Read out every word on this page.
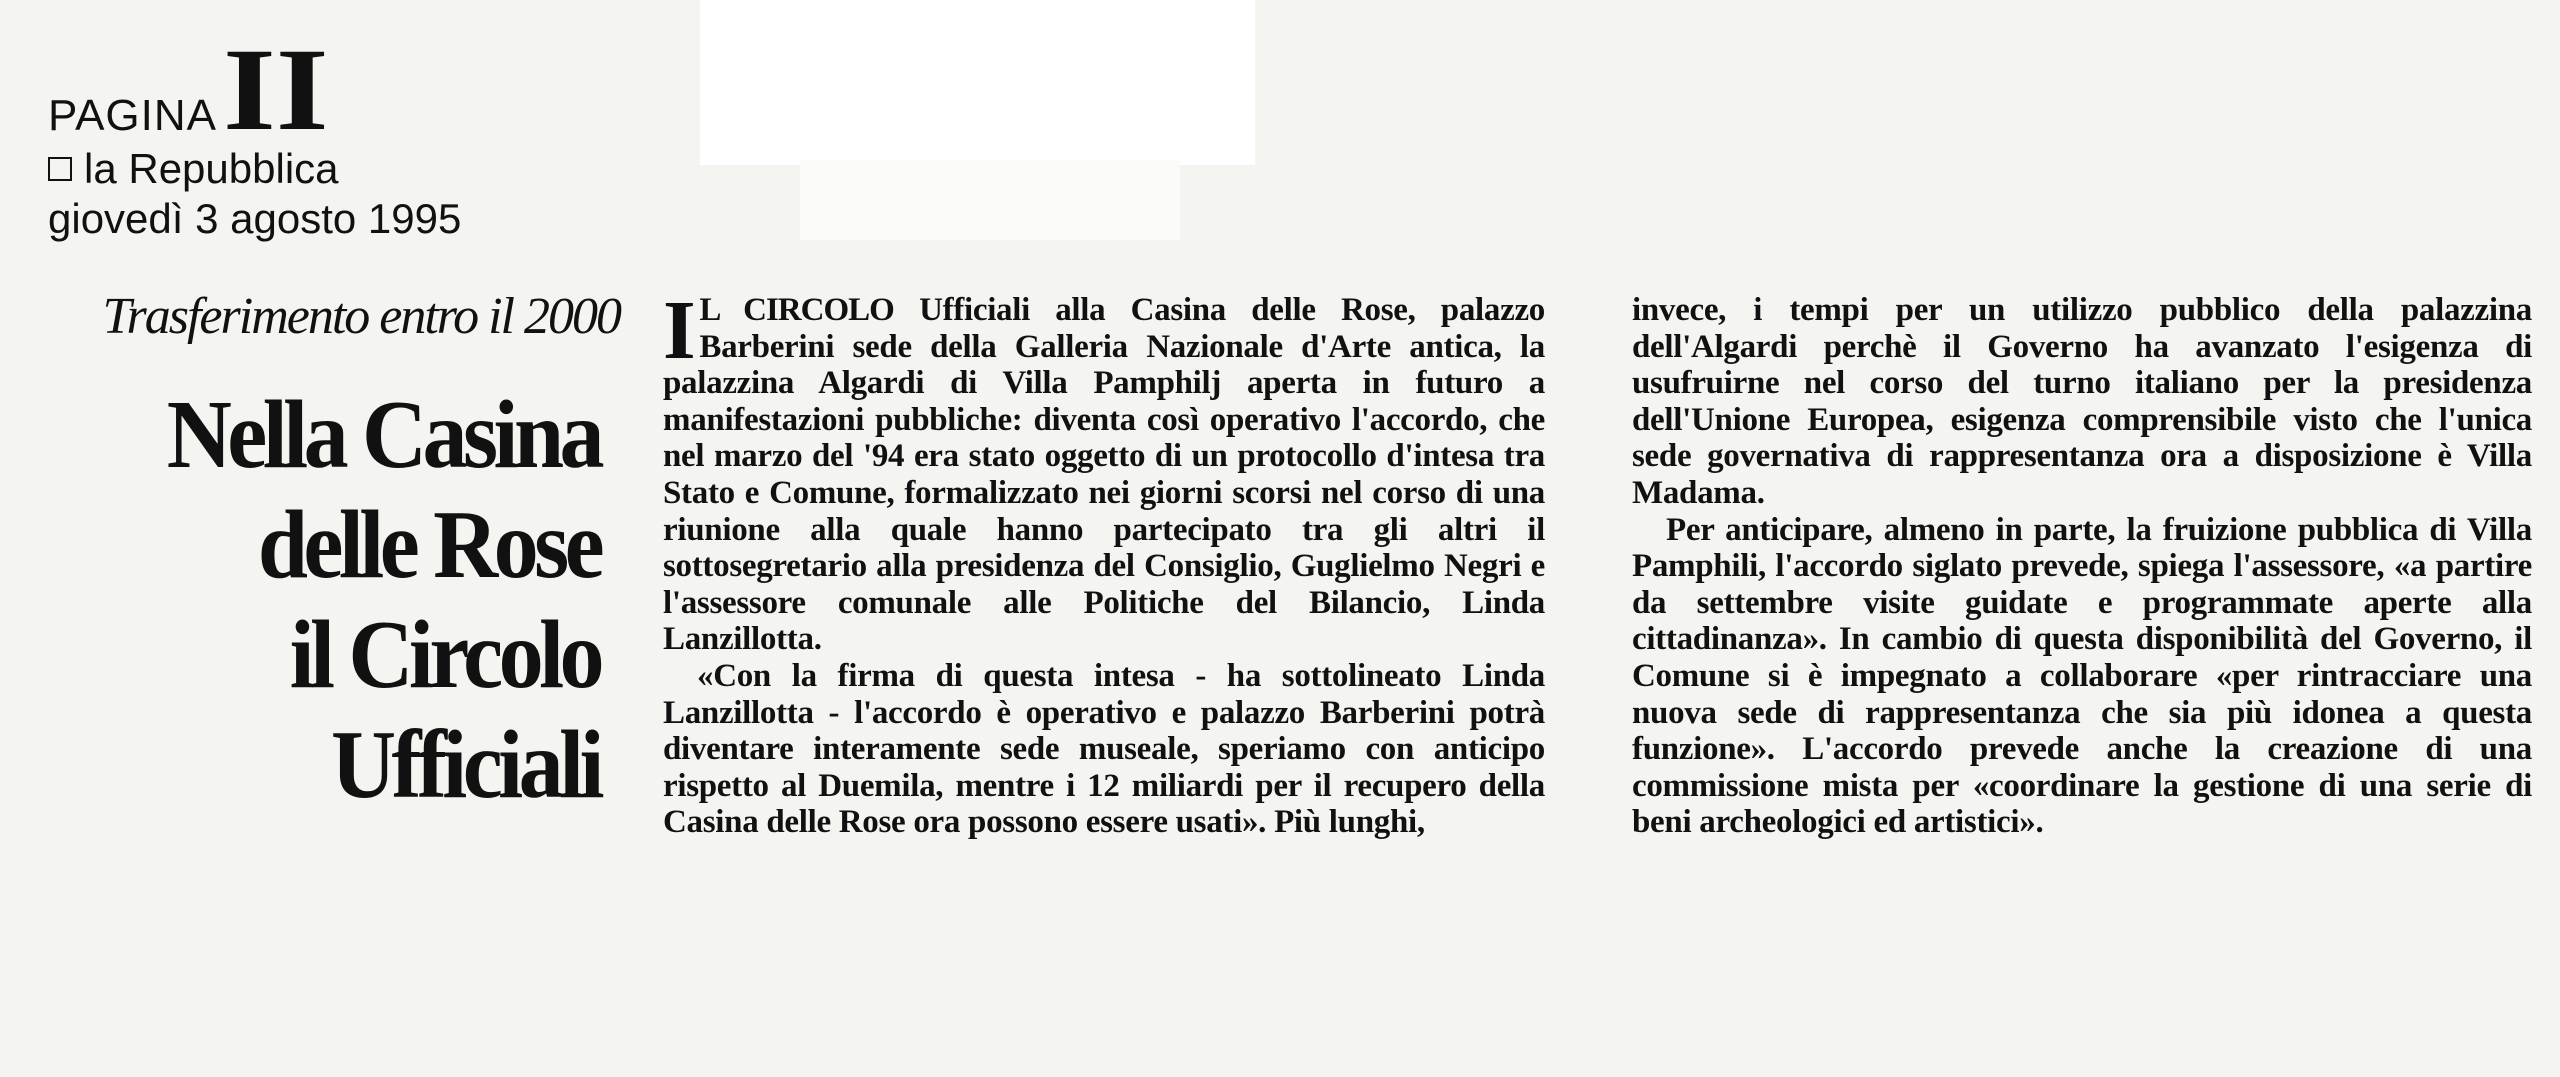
PAGINA II
la Repubblica
giovedì 3 agosto 1995
Trasferimento entro il 2000
Nella Casina
delle Rose
il Circolo
Ufficiali

I L CIRCOLO Ufficiali alla Casina delle Rose, palazzo Barberini sede della Galleria Nazionale d'Arte antica, la palazzina Algardi di Villa Pamphilj aperta in futuro a manifestazioni pubbliche: diventa così operativo l'accordo, che nel marzo del '94 era stato oggetto di un protocollo d'intesa tra Stato e Comune, formalizzato nei giorni scorsi nel corso di una riunione alla quale hanno partecipato tra gli altri il sottosegretario alla presidenza del Consiglio, Guglielmo Negri e l'assessore comunale alle Politiche del Bilancio, Linda Lanzillotta.

«Con la firma di questa intesa - ha sottolineato Linda Lanzillotta - l'accordo è operativo e palazzo Barberini potrà diventare interamente sede museale, speriamo con anticipo rispetto al Duemila, mentre i 12 miliardi per il recupero della Casina delle Rose ora possono essere usati». Più lunghi,

invece, i tempi per un utilizzo pubblico della palazzina dell'Algardi perchè il Governo ha avanzato l'esigenza di usufruirne nel corso del turno italiano per la presidenza dell'Unione Europea, esigenza comprensibile visto che l'unica sede governativa di rappresentanza ora a disposizione è Villa Madama.

Per anticipare, almeno in parte, la fruizione pubblica di Villa Pamphili, l'accordo siglato prevede, spiega l'assessore, «a partire da settembre visite guidate e programmate aperte alla cittadinanza». In cambio di questa disponibilità del Governo, il Comune si è impegnato a collaborare «per rintracciare una nuova sede di rappresentanza che sia più idonea a questa funzione». L'accordo prevede anche la creazione di una commissione mista per «coordinare la gestione di una serie di beni archeologici ed artistici».
